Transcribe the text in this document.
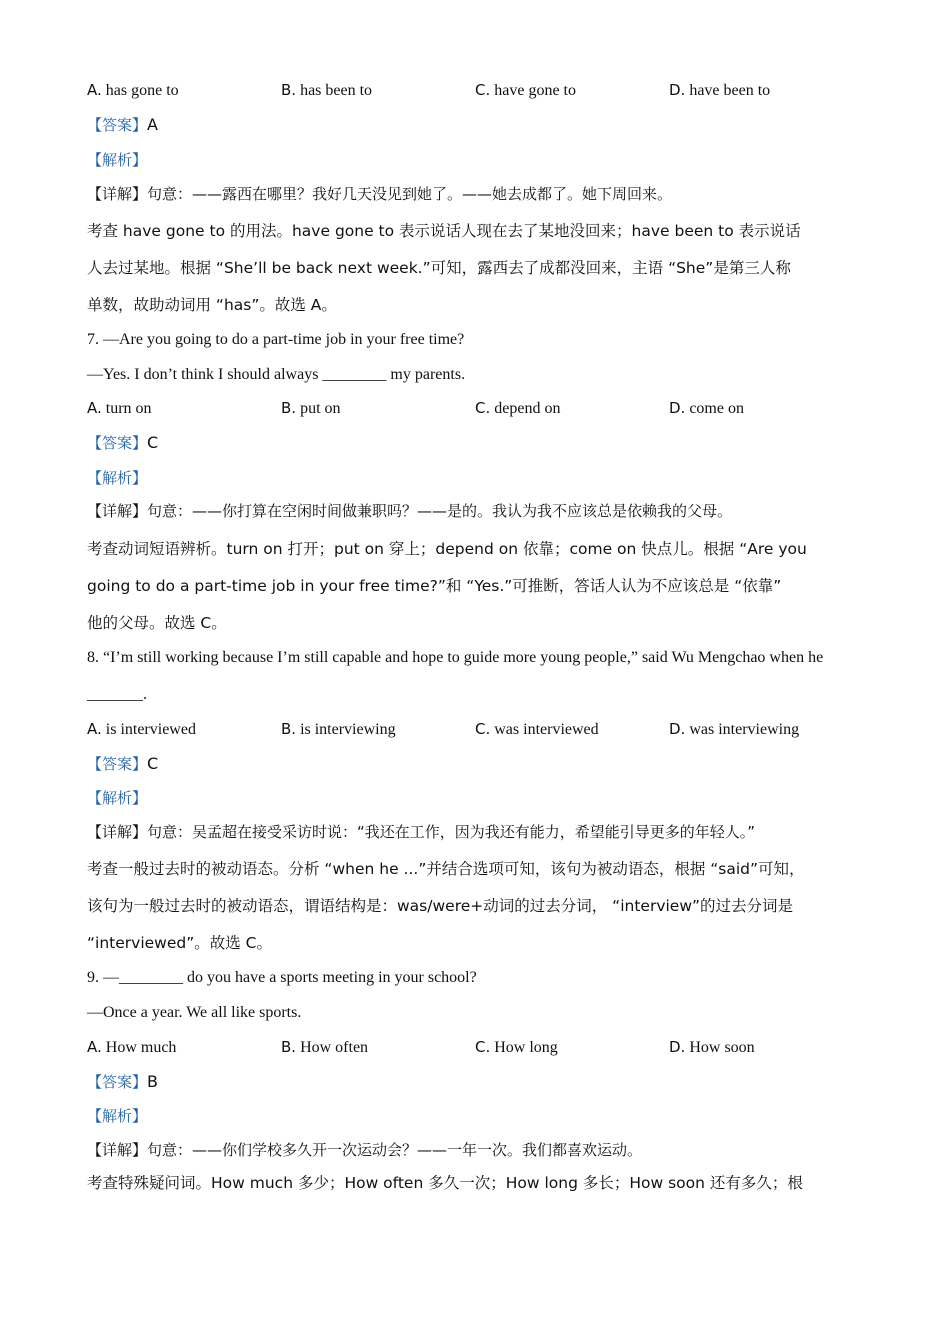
A. has gone to	B. has been to	C. have gone to	D. have been to
【答案】A
【解析】
【详解】句意：——露西在哪里？我好几天没见到她了。——她去成都了。她下周回来。
考查 have gone to 的用法。have gone to 表示说话人现在去了某地没回来；have been to 表示说话
人去过某地。根据 “She’ll be back next week.”可知，露西去了成都没回来，主语 “She”是第三人称
单数，故助动词用 “has”。故选 A。
7. —Are you going to do a part-time job in your free time?
—Yes. I don’t think I should always ________ my parents.
A. turn on	B. put on	C. depend on	D. come on
【答案】C
【解析】
【详解】句意：——你打算在空闲时间做兼职吗？——是的。我认为我不应该总是依赖我的父母。
考查动词短语辨析。turn on 打开；put on 穿上；depend on 依靠；come on 快点儿。根据 “Are you
going to do a part-time job in your free time?”和 “Yes.”可推断，答话人认为不应该总是 “依靠”
他的父母。故选 C。
8. “I’m still working because I’m still capable and hope to guide more young people,” said Wu Mengchao when he
_______.
A. is interviewed	B. is interviewing	C. was interviewed	D. was interviewing
【答案】C
【解析】
【详解】句意：吴孟超在接受采访时说：“我还在工作，因为我还有能力，希望能引导更多的年轻人。”
考查一般过去时的被动语态。分析 “when he ...”并结合选项可知，该句为被动语态，根据 “said”可知，
该句为一般过去时的被动语态，谓语结构是：was/were+动词的过去分词， “interview”的过去分词是
“interviewed”。故选 C。
9. —________ do you have a sports meeting in your school?
—Once a year. We all like sports.
A. How much	B. How often	C. How long	D. How soon
【答案】B
【解析】
【详解】句意：——你们学校多久开一次运动会？——一年一次。我们都喜欢运动。
考查特殊疑问词。How much 多少；How often 多久一次；How long 多长；How soon 还有多久；根
